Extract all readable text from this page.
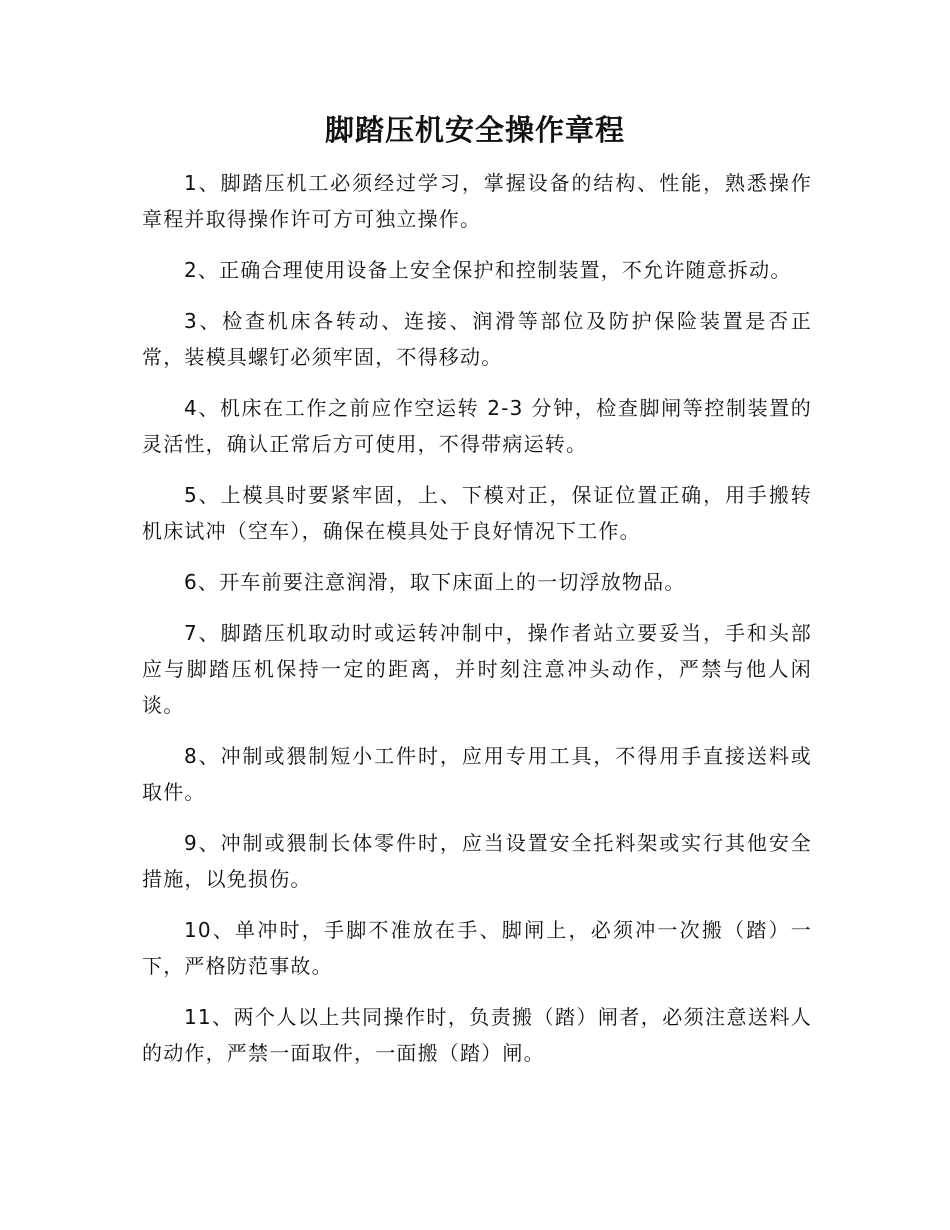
脚踏压机安全操作章程

1、脚踏压机工必须经过学习，掌握设备的结构、性能，熟悉操作章程并取得操作许可方可独立操作。

2、正确合理使用设备上安全保护和控制装置，不允许随意拆动。

3、检查机床各转动、连接、润滑等部位及防护保险装置是否正常，装模具螺钉必须牢固，不得移动。

4、机床在工作之前应作空运转 2-3 分钟，检查脚闸等控制装置的灵活性，确认正常后方可使用，不得带病运转。

5、上模具时要紧牢固，上、下模对正，保证位置正确，用手搬转机床试冲（空车），确保在模具处于良好情况下工作。

6、开车前要注意润滑，取下床面上的一切浮放物品。

7、脚踏压机取动时或运转冲制中，操作者站立要妥当，手和头部应与脚踏压机保持一定的距离，并时刻注意冲头动作，严禁与他人闲谈。

8、冲制或猥制短小工件时，应用专用工具，不得用手直接送料或取件。

9、冲制或猥制长体零件时，应当设置安全托料架或实行其他安全措施，以免损伤。

10、单冲时，手脚不准放在手、脚闸上，必须冲一次搬（踏）一下，严格防范事故。

11、两个人以上共同操作时，负责搬（踏）闸者，必须注意送料人的动作，严禁一面取件，一面搬（踏）闸。
